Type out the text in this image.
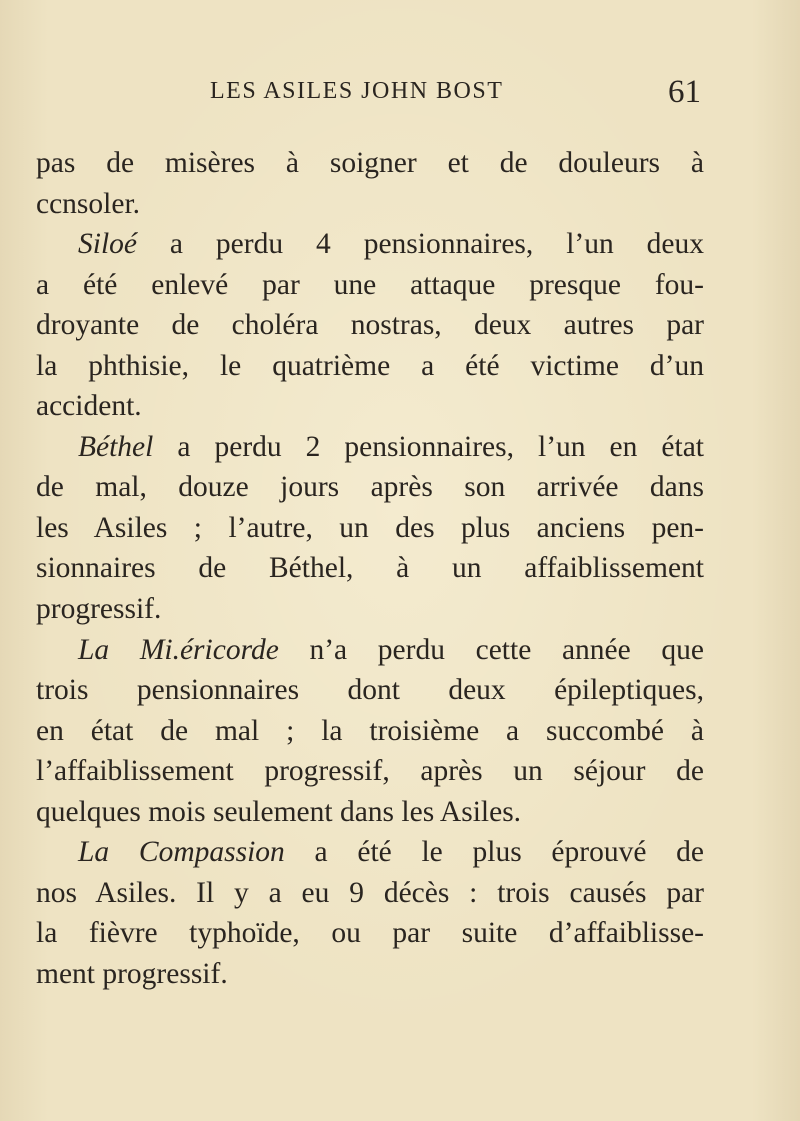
LES ASILES JOHN BOST	61
pas de misères à soigner et de douleurs à
ccnsoler.
Siloé a perdu 4 pensionnaires, l’un deux
a été enlevé par une attaque presque fou-
droyante de choléra nostras, deux autres par
la phthisie, le quatrième a été victime d’un
accident.
Béthel a perdu 2 pensionnaires, l’un en état
de mal, douze jours après son arrivée dans
les Asiles ; l’autre, un des plus anciens pen-
sionnaires de Béthel, à un affaiblissement
progressif.
La Mi.éricorde n’a perdu cette année que
trois pensionnaires dont deux épileptiques,
en état de mal ; la troisième a succombé à
l’affaiblissement progressif, après un séjour de
quelques mois seulement dans les Asiles.
La Compassion a été le plus éprouvé de
nos Asiles. Il y a eu 9 décès : trois causés par
la fièvre typhoïde, ou par suite d’affaiblisse-
ment progressif.
